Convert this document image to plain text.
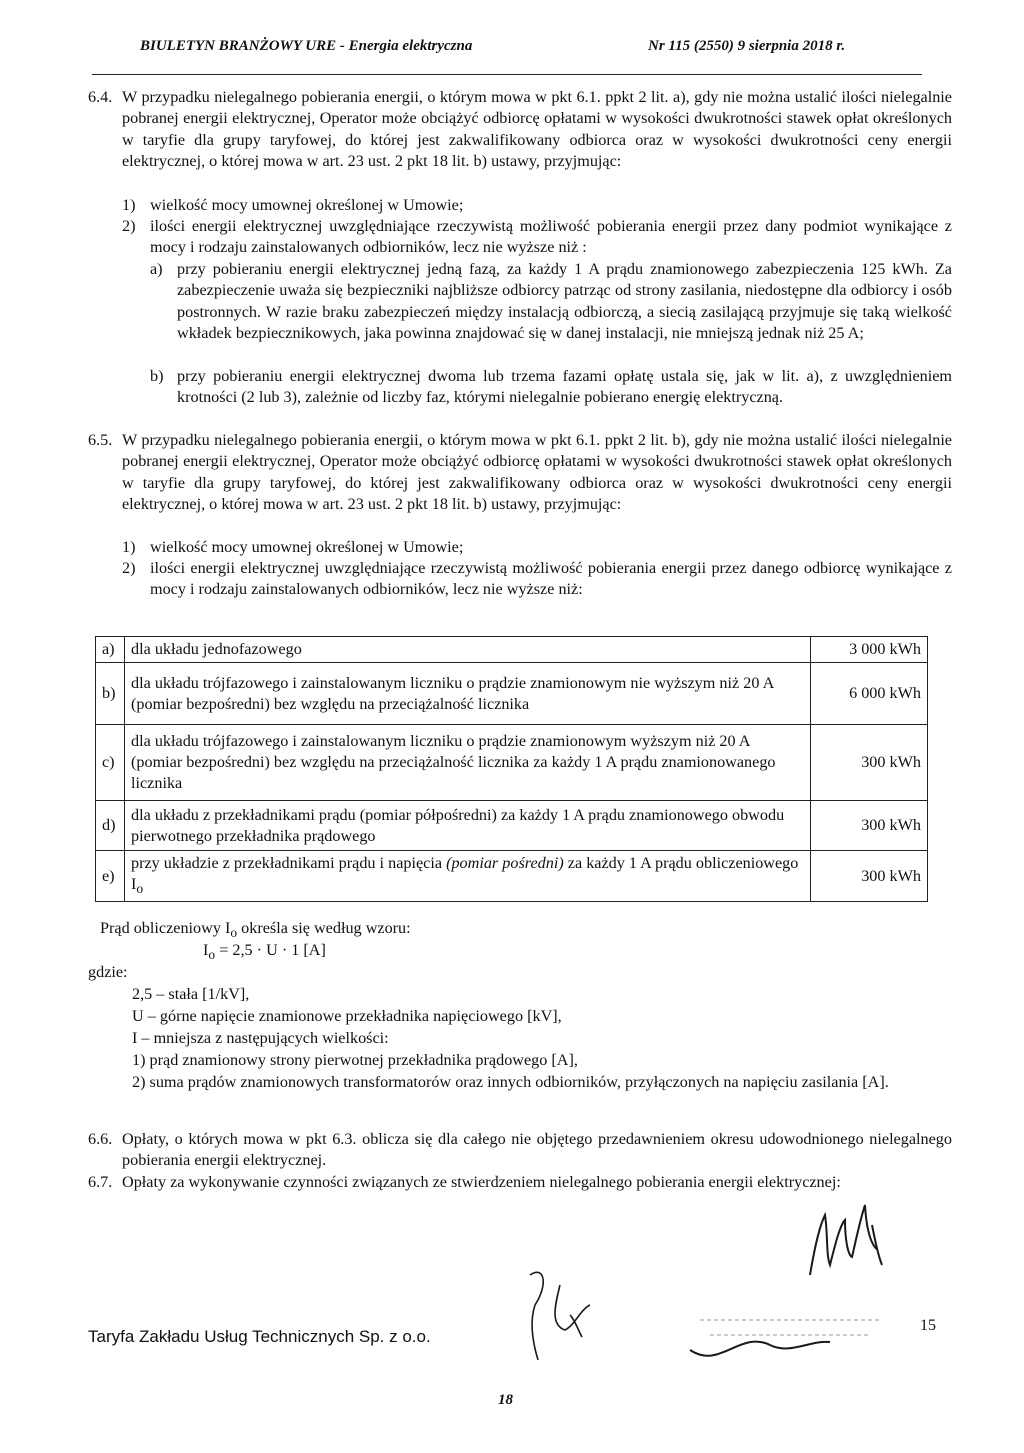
BIULETYN BRANŻOWY URE - Energia elektryczna	Nr 115 (2550) 9 sierpnia 2018 r.
6.4. W przypadku nielegalnego pobierania energii, o którym mowa w pkt 6.1. ppkt 2 lit. a), gdy nie można ustalić ilości nielegalnie pobranej energii elektrycznej, Operator może obciążyć odbiorcę opłatami w wysokości dwukrotności stawek opłat określonych w taryfie dla grupy taryfowej, do której jest zakwalifikowany odbiorca oraz w wysokości dwukrotności ceny energii elektrycznej, o której mowa w art. 23 ust. 2 pkt 18 lit. b) ustawy, przyjmując:
1) wielkość mocy umownej określonej w Umowie;
2) ilości energii elektrycznej uwzględniające rzeczywistą możliwość pobierania energii przez dany podmiot wynikające z mocy i rodzaju zainstalowanych odbiorników, lecz nie wyższe niż :
a) przy pobieraniu energii elektrycznej jedną fazą, za każdy 1 A prądu znamionowego zabezpieczenia 125 kWh. Za zabezpieczenie uważa się bezpieczniki najbliższe odbiorcy patrząc od strony zasilania, niedostępne dla odbiorcy i osób postronnych. W razie braku zabezpieczeń między instalacją odbiorczą, a siecią zasilającą przyjmuje się taką wielkość wkładek bezpiecznikowych, jaka powinna znajdować się w danej instalacji, nie mniejszą jednak niż 25 A;
b) przy pobieraniu energii elektrycznej dwoma lub trzema fazami opłatę ustala się, jak w lit. a), z uwzględnieniem krotności (2 lub 3), zależnie od liczby faz, którymi nielegalnie pobierano energię elektryczną.
6.5. W przypadku nielegalnego pobierania energii, o którym mowa w pkt 6.1. ppkt 2 lit. b), gdy nie można ustalić ilości nielegalnie pobranej energii elektrycznej, Operator może obciążyć odbiorcę opłatami w wysokości dwukrotności stawek opłat określonych w taryfie dla grupy taryfowej, do której jest zakwalifikowany odbiorca oraz w wysokości dwukrotności ceny energii elektrycznej, o której mowa w art. 23 ust. 2 pkt 18 lit. b) ustawy, przyjmując:
1) wielkość mocy umownej określonej w Umowie;
2) ilości energii elektrycznej uwzględniające rzeczywistą możliwość pobierania energii przez danego odbiorcę wynikające z mocy i rodzaju zainstalowanych odbiorników, lecz nie wyższe niż:
a)	dla układu jednofazowego	3 000 kWh
b)	dla układu trójfazowego i zainstalowanym liczniku o prądzie znamionowym nie wyższym niż 20 A (pomiar bezpośredni) bez względu na przeciążalność licznika	6 000 kWh
c)	dla układu trójfazowego i zainstalowanym liczniku o prądzie znamionowym wyższym niż 20 A (pomiar bezpośredni) bez względu na przeciążalność licznika za każdy 1 A prądu znamionowanego licznika	300 kWh
d)	dla układu z przekładnikami prądu (pomiar półpośredni) za każdy 1 A prądu znamionowego obwodu pierwotnego przekładnika prądowego	300 kWh
e)	przy układzie z przekładnikami prądu i napięcia (pomiar pośredni) za każdy 1 A prądu obliczeniowego $I_o$	300 kWh
Prąd obliczeniowy $I_o$ określa się według wzoru:
$I_o = 2,5 \cdot U \cdot 1$ [A]
gdzie:
2,5 – stała [1/kV],
U – górne napięcie znamionowe przekładnika napięciowego [kV],
I – mniejsza z następujących wielkości:
1) prąd znamionowy strony pierwotnej przekładnika prądowego [A],
2) suma prądów znamionowych transformatorów oraz innych odbiorników, przyłączonych na napięciu zasilania [A].
6.6. Opłaty, o których mowa w pkt 6.3. oblicza się dla całego nie objętego przedawnieniem okresu udowodnionego nielegalnego pobierania energii elektrycznej.
6.7. Opłaty za wykonywanie czynności związanych ze stwierdzeniem nielegalnego pobierania energii elektrycznej:
Taryfa Zakładu Usług Technicznych Sp. z o.o.
15
18
